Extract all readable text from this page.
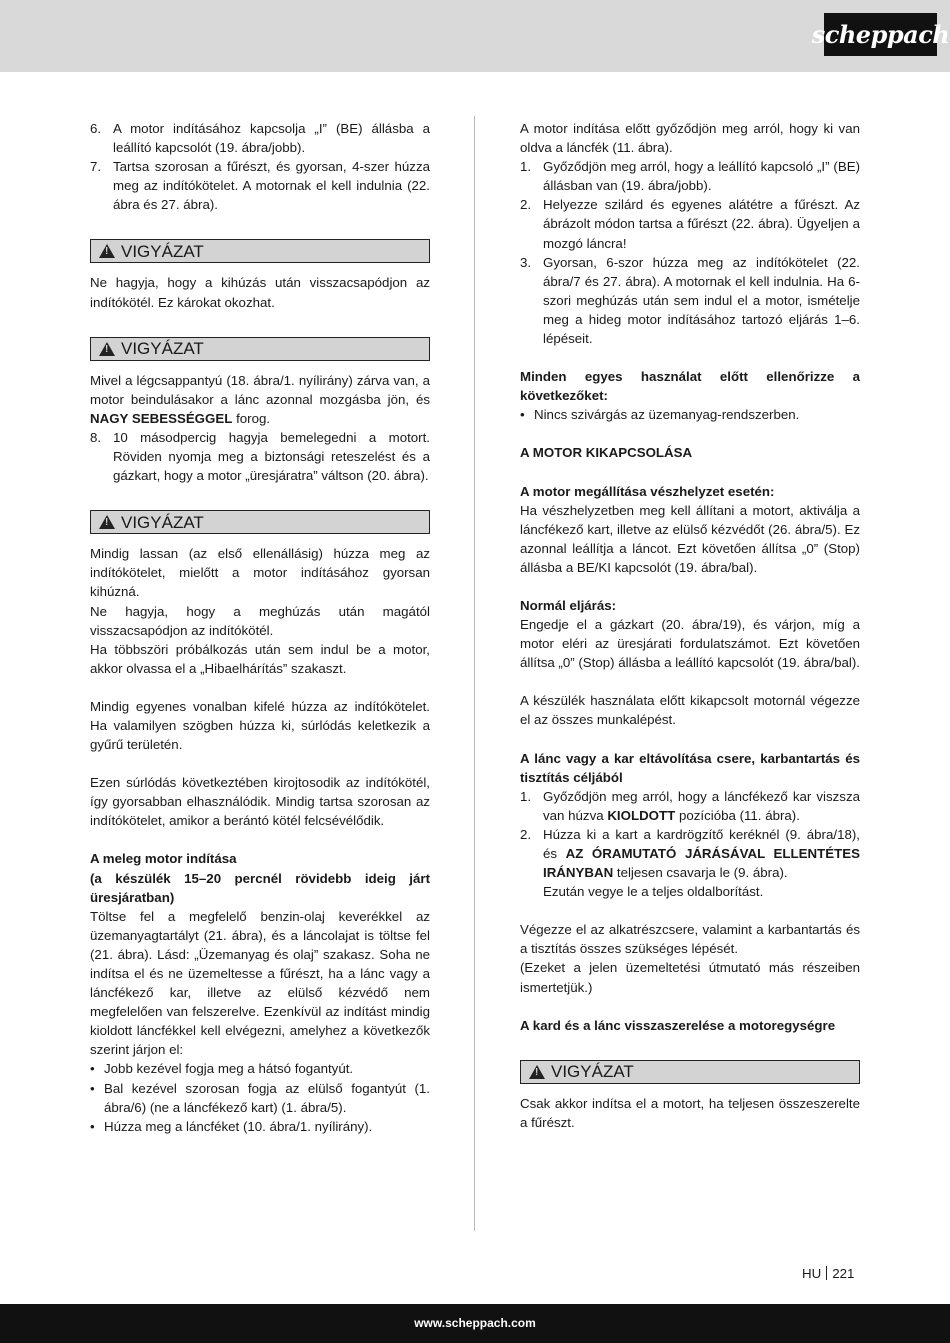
scheppach
6. A motor indításához kapcsolja „I” (BE) állásba a leállító kapcsolót (19. ábra/jobb).
7. Tartsa szorosan a fűrészt, és gyorsan, 4-szer húzza meg az indítókötelet. A motornak el kell indulnia (22. ábra és 27. ábra).
!
VIGYÁZAT

Ne hagyja, hogy a kihúzás után visszacsapódjon az indítókötél. Ez károkat okozhat.

!
VIGYÁZAT

Mivel a légcsappantyú (18. ábra/1. nyílirány) zárva van, a motor beindulásakor a lánc azonnal mozgásba jön, és NAGY SEBESSÉGGEL forog.

8. 10 másodpercig hagyja bemelegedni a motort. Röviden nyomja meg a biztonsági reteszelést és a gázkart, hogy a motor „üresjáratra” váltson (20. ábra).
!
VIGYÁZAT

Mindig lassan (az első ellenállásig) húzza meg az indítókötelet, mielőtt a motor indításához gyorsan kihúzná.

Ne hagyja, hogy a meghúzás után magától visszacsapódjon az indítókötél.

Ha többszöri próbálkozás után sem indul be a motor, akkor olvassa el a „Hibaelhárítás” szakaszt.

Mindig egyenes vonalban kifelé húzza az indítókötelet. Ha valamilyen szögben húzza ki, súrlódás keletkezik a gyűrű területén.

Ezen súrlódás következtében kirojtosodik az indítókötél, így gyorsabban elhasználódik. Mindig tartsa szorosan az indítókötelet, amikor a berántó kötél felcsévélődik.

A meleg motor indítása

(a készülék 15–20 percnél rövidebb ideig járt üresjáratban)

Töltse fel a megfelelő benzin-olaj keverékkel az üzemanyagtartályt (21. ábra), és a láncolajat is töltse fel (21. ábra). Lásd: „Üzemanyag és olaj” szakasz. Soha ne indítsa el és ne üzemeltesse a fűrészt, ha a lánc vagy a láncfékező kar, illetve az elülső kézvédő nem megfelelően van felszerelve. Ezenkívül az indítást mindig kioldott láncfékkel kell elvégezni, amelyhez a következők szerint járjon el:

• Jobb kezével fogja meg a hátsó fogantyút.
• Bal kezével szorosan fogja az elülső fogantyút (1. ábra/6) (ne a láncfékező kart) (1. ábra/5).
• Húzza meg a láncféket (10. ábra/1. nyílirány).

A motor indítása előtt győződjön meg arról, hogy ki van oldva a láncfék (11. ábra).

1. Győződjön meg arról, hogy a leállító kapcsoló „I” (BE) állásban van (19. ábra/jobb).
2. Helyezze szilárd és egyenes alátétre a fűrészt. Az ábrázolt módon tartsa a fűrészt (22. ábra). Ügyeljen a mozgó láncra!
3. Gyorsan, 6-szor húzza meg az indítókötelet (22. ábra/7 és 27. ábra). A motornak el kell indulnia. Ha 6-szori meghúzás után sem indul el a motor, ismételje meg a hideg motor indításához tartozó eljárás 1–6. lépéseit.

Minden egyes használat előtt ellenőrizze a következőket:

• Nincs szivárgás az üzemanyag-rendszerben.

A MOTOR KIKAPCSOLÁSA

A motor megállítása vészhelyzet esetén:

Ha vészhelyzetben meg kell állítani a motort, aktiválja a láncfékező kart, illetve az elülső kézvédőt (26. ábra/5). Ez azonnal leállítja a láncot. Ezt követően állítsa „0” (Stop) állásba a BE/KI kapcsolót (19. ábra/bal).

Normál eljárás:

Engedje el a gázkart (20. ábra/19), és várjon, míg a motor eléri az üresjárati fordulatszámot. Ezt követően állítsa „0” (Stop) állásba a leállító kapcsolót (19. ábra/bal).

A készülék használata előtt kikapcsolt motornál végezze el az összes munkalépést.

A lánc vagy a kar eltávolítása csere, karbantartás és tisztítás céljából

1. Győződjön meg arról, hogy a láncfékező kar viszsza van húzva KIOLDOTT pozícióba (11. ábra).
2. Húzza ki a kart a kardrögzítő keréknél (9. ábra/18), és AZ ÓRAMUTATÓ JÁRÁSÁVAL ELLENTÉTES IRÁNYBAN teljesen csavarja le (9. ábra).
Ezután vegye le a teljes oldalborítást.

Végezze el az alkatrészcsere, valamint a karbantartás és a tisztítás összes szükséges lépését.

(Ezeket a jelen üzemeltetési útmutató más részeiben ismertetjük.)

A kard és a lánc visszaszerelése a motoregységre

!
VIGYÁZAT

Csak akkor indítsa el a motort, ha teljesen összeszerelte a fűrészt.

HU 221
www.scheppach.com
